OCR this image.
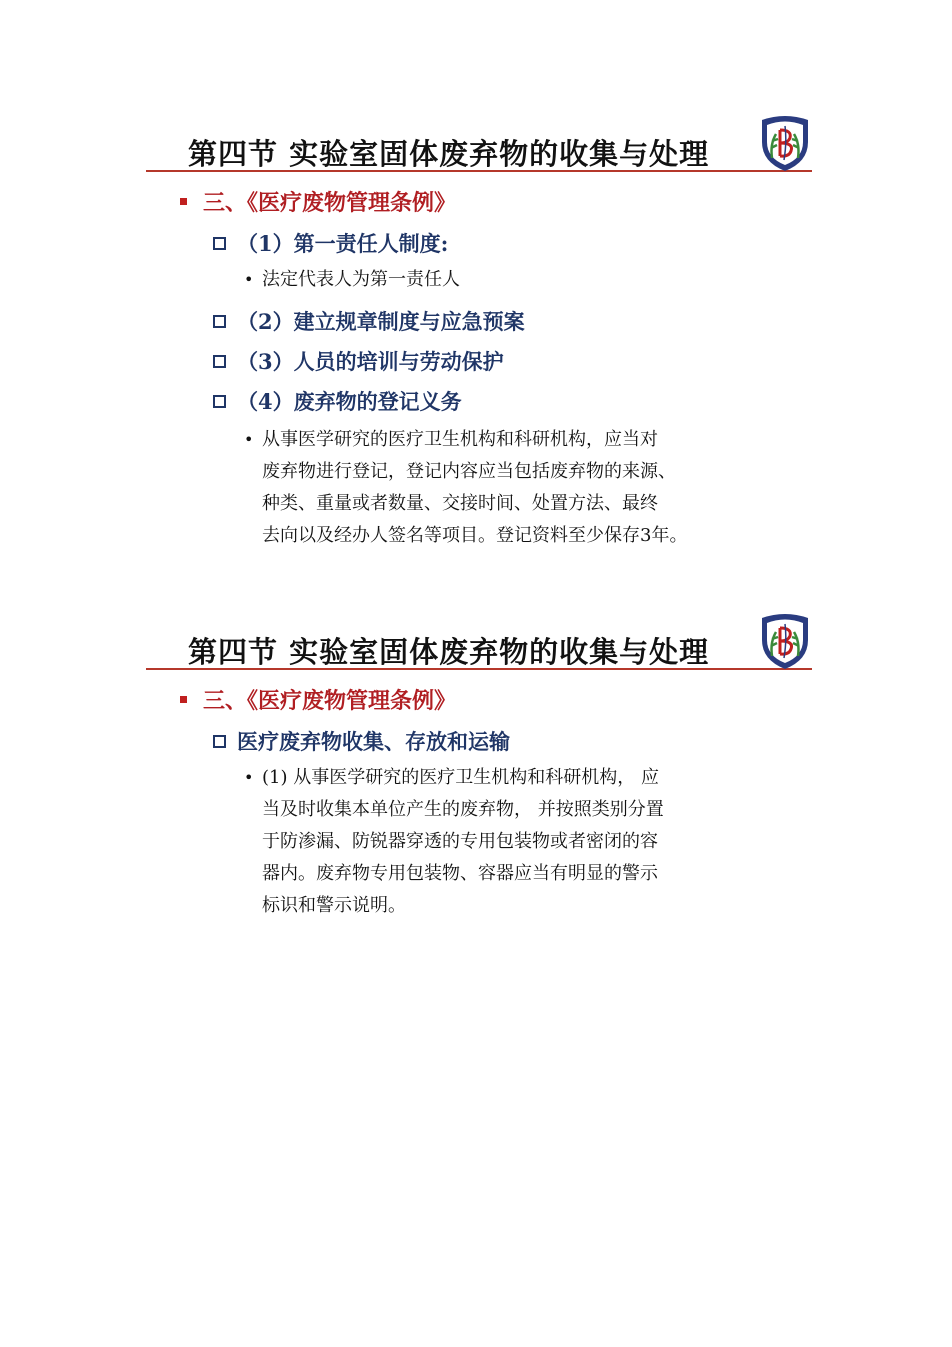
第四节 实验室固体废弃物的收集与处理
三、《医疗废物管理条例》
（1）第一责任人制度:
• 法定代表人为第一责任人
（2）建立规章制度与应急预案
（3）人员的培训与劳动保护
（4）废弃物的登记义务
• 从事医学研究的医疗卫生机构和科研机构，应当对
废弃物进行登记，登记内容应当包括废弃物的来源、
种类、重量或者数量、交接时间、处置方法、最终
去向以及经办人签名等项目。登记资料至少保存3年。
第四节 实验室固体废弃物的收集与处理
三、《医疗废物管理条例》
医疗废弃物收集、存放和运输
• (1) 从事医学研究的医疗卫生机构和科研机构， 应
当及时收集本单位产生的废弃物， 并按照类别分置
于防渗漏、防锐器穿透的专用包装物或者密闭的容
器内。废弃物专用包装物、容器应当有明显的警示
标识和警示说明。
